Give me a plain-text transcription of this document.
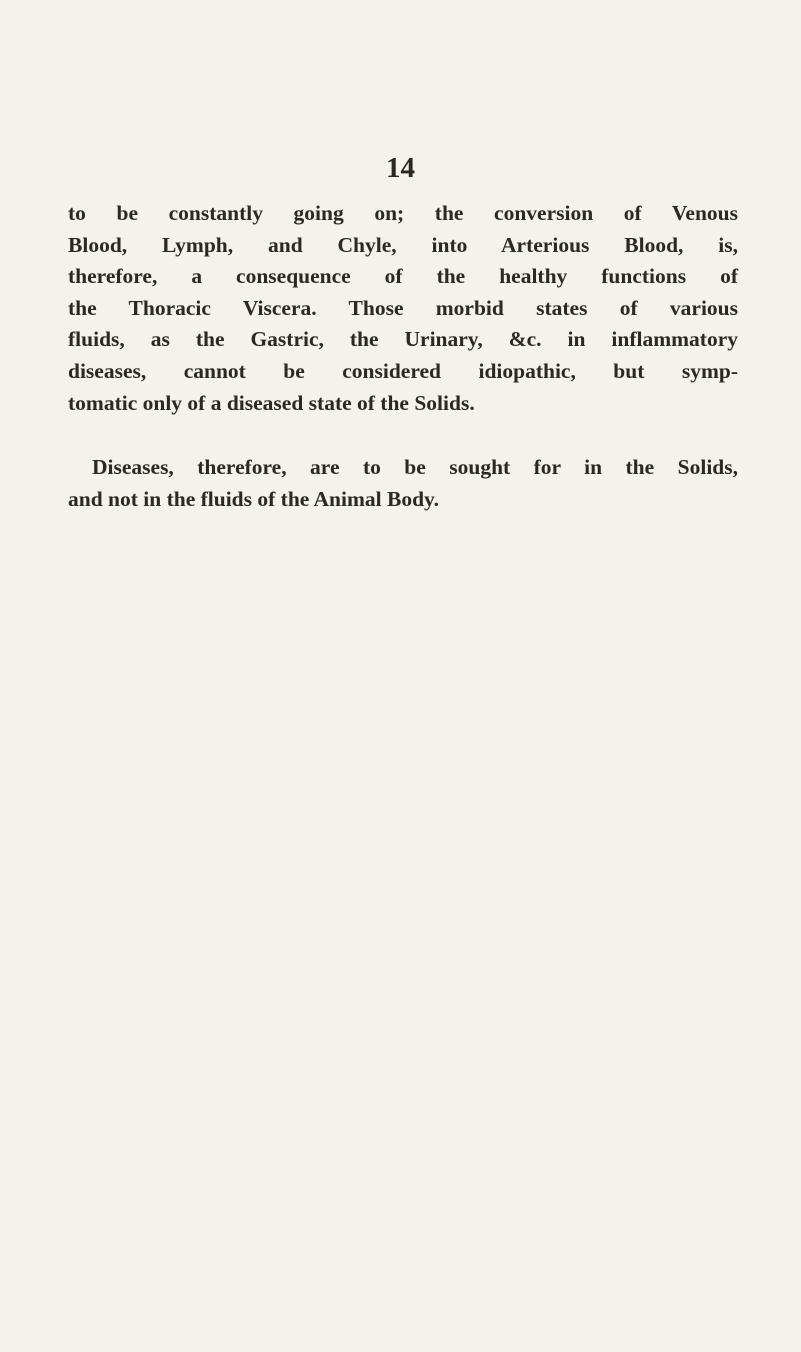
14
to be constantly going on; the conversion of Venous
Blood, Lymph, and Chyle, into Arterious Blood, is,
therefore, a consequence of the healthy functions of
the Thoracic Viscera. Those morbid states of various
fluids, as the Gastric, the Urinary, &c. in inflammatory
diseases, cannot be considered idiopathic, but symp-
tomatic only of a diseased state of the Solids.
Diseases, therefore, are to be sought for in the Solids,
and not in the fluids of the Animal Body.
